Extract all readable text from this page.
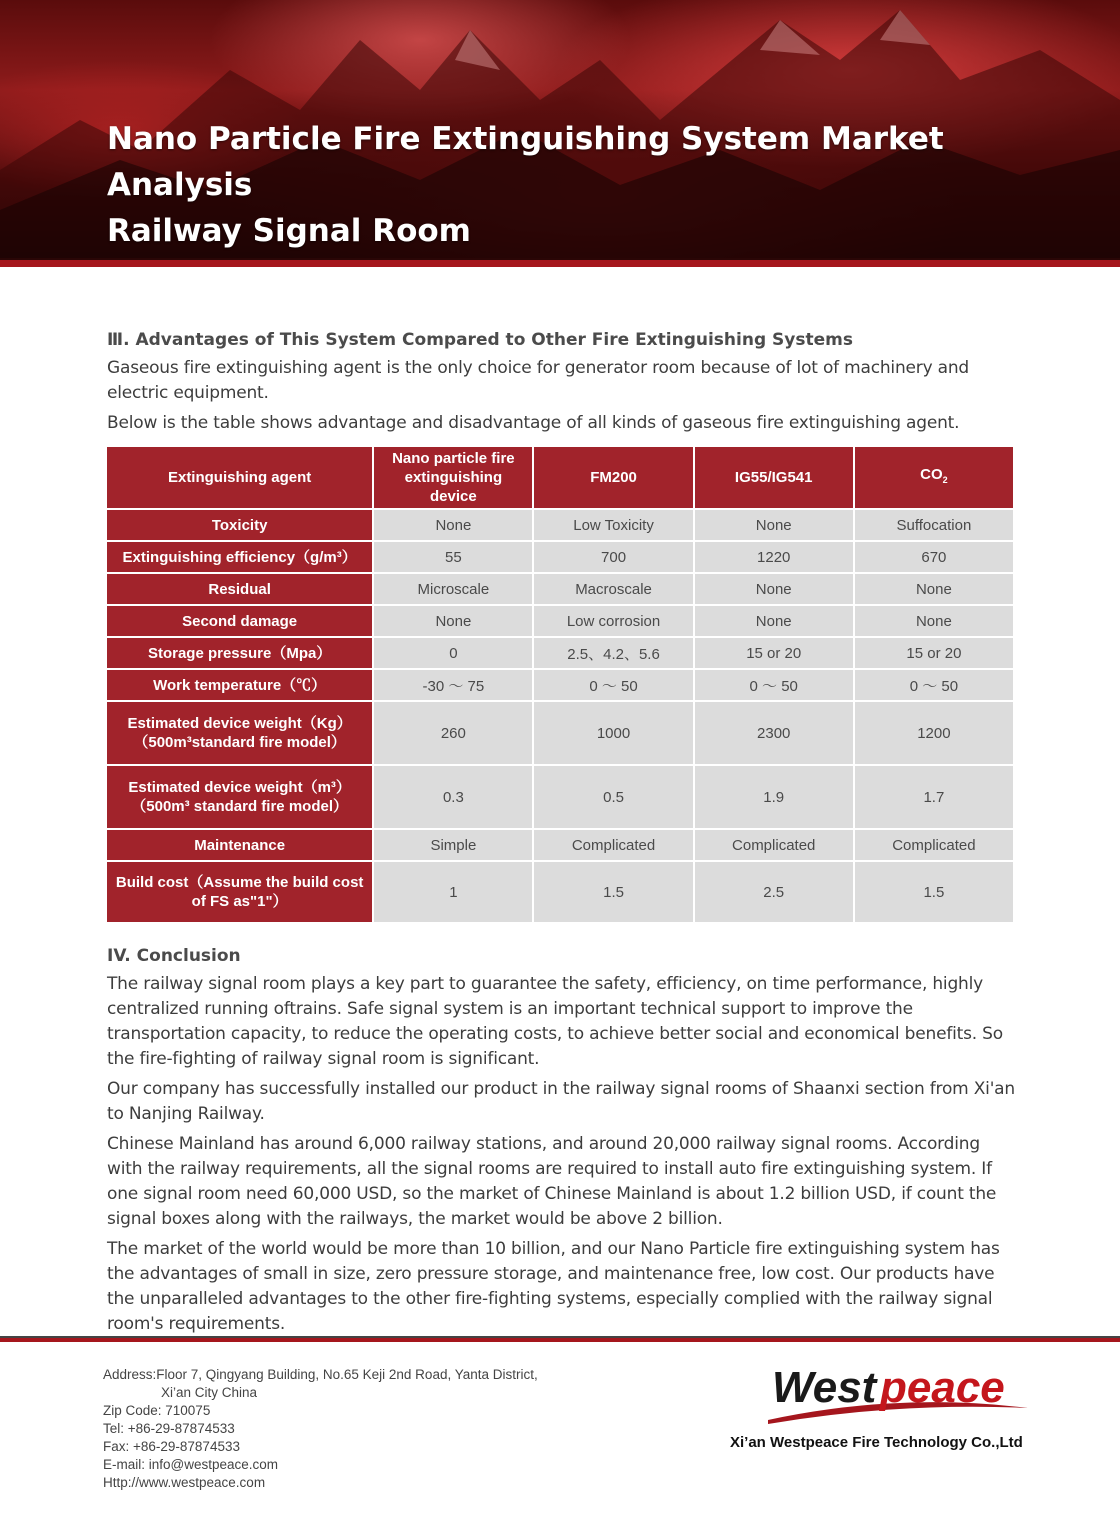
Nano Particle Fire Extinguishing System Market Analysis
Railway Signal Room
Ⅲ. Advantages of This System Compared to Other Fire Extinguishing Systems

Gaseous fire extinguishing agent is the only choice for generator room because of lot of machinery and electric equipment.

Below is the table shows advantage and disadvantage of all kinds of gaseous fire extinguishing agent.

Extinguishing agent	Nano particle fire extinguishing device	FM200	IG55/IG541	$CO_2$
Toxicity	None	Low Toxicity	None	Suffocation
Extinguishing efficiency（g/m³）	55	700	1220	670
Residual	Microscale	Macroscale	None	None
Second damage	None	Low corrosion	None	None
Storage pressure（Mpa）	0	2.5、4.2、5.6	15 or 20	15 or 20
Work temperature（℃）	-30 ～ 75	0 ～ 50	0 ～ 50	0 ～ 50
Estimated device weight（Kg）（500m³standard fire model）	260	1000	2300	1200
Estimated device weight（m³）（500m³ standard fire model）	0.3	0.5	1.9	1.7
Maintenance	Simple	Complicated	Complicated	Complicated
Build cost（Assume the build cost of FS as"1"）	1	1.5	2.5	1.5
IV. Conclusion

The railway signal room plays a key part to guarantee the safety, efficiency, on time performance, highly centralized running oftrains. Safe signal system is an important technical support to improve the transportation capacity, to reduce the operating costs, to achieve better social and economical benefits. So the fire-fighting of railway signal room is significant.

Our company has successfully installed our product in the railway signal rooms of Shaanxi section from Xi'an to Nanjing Railway.

Chinese Mainland has around 6,000 railway stations, and around 20,000 railway signal rooms. According with the railway requirements, all the signal rooms are required to install auto fire extinguishing system. If one signal room need 60,000 USD, so the market of Chinese Mainland is about 1.2 billion USD, if count the signal boxes along with the railways, the market would be above 2 billion.

The market of the world would be more than 10 billion, and our Nano Particle fire extinguishing system has the advantages of small in size, zero pressure storage, and maintenance free, low cost. Our products have the unparalleled advantages to the other fire-fighting systems, especially complied with the railway signal room's requirements.

Address:Floor 7, Qingyang Building, No.65 Keji 2nd Road, Yanta District,
Xi’an City China
Zip Code: 710075
Tel: +86-29-87874533
Fax: +86-29-87874533
E-mail: info@westpeace.com
Http://www.westpeace.com
West peace
Xi’an Westpeace Fire Technology Co.,Ltd
